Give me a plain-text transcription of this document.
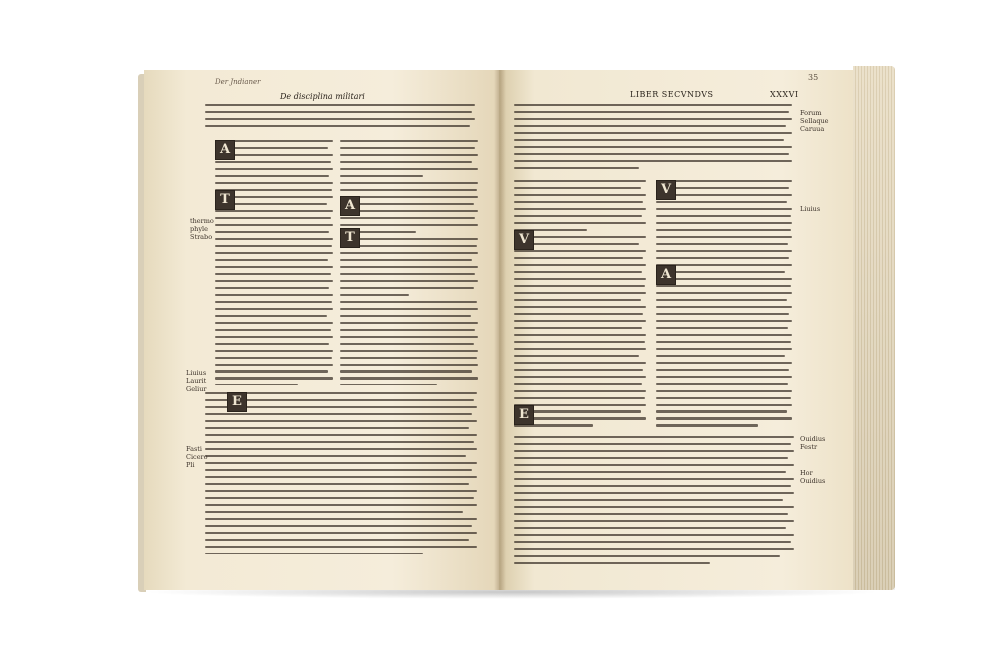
Der Jndianer
De disciplina militari
A
T	A
T
E
thermo
phyle
Strabo
Liuius
Laurit
Geliur
Fasti
Cicero
Pli
35
LIBER SECVNDVS	XXXVI
V
V
A
E
Forum
Sellaque
Caruua
Liuius
Ouidius
Festr
Hor
Ouidius
